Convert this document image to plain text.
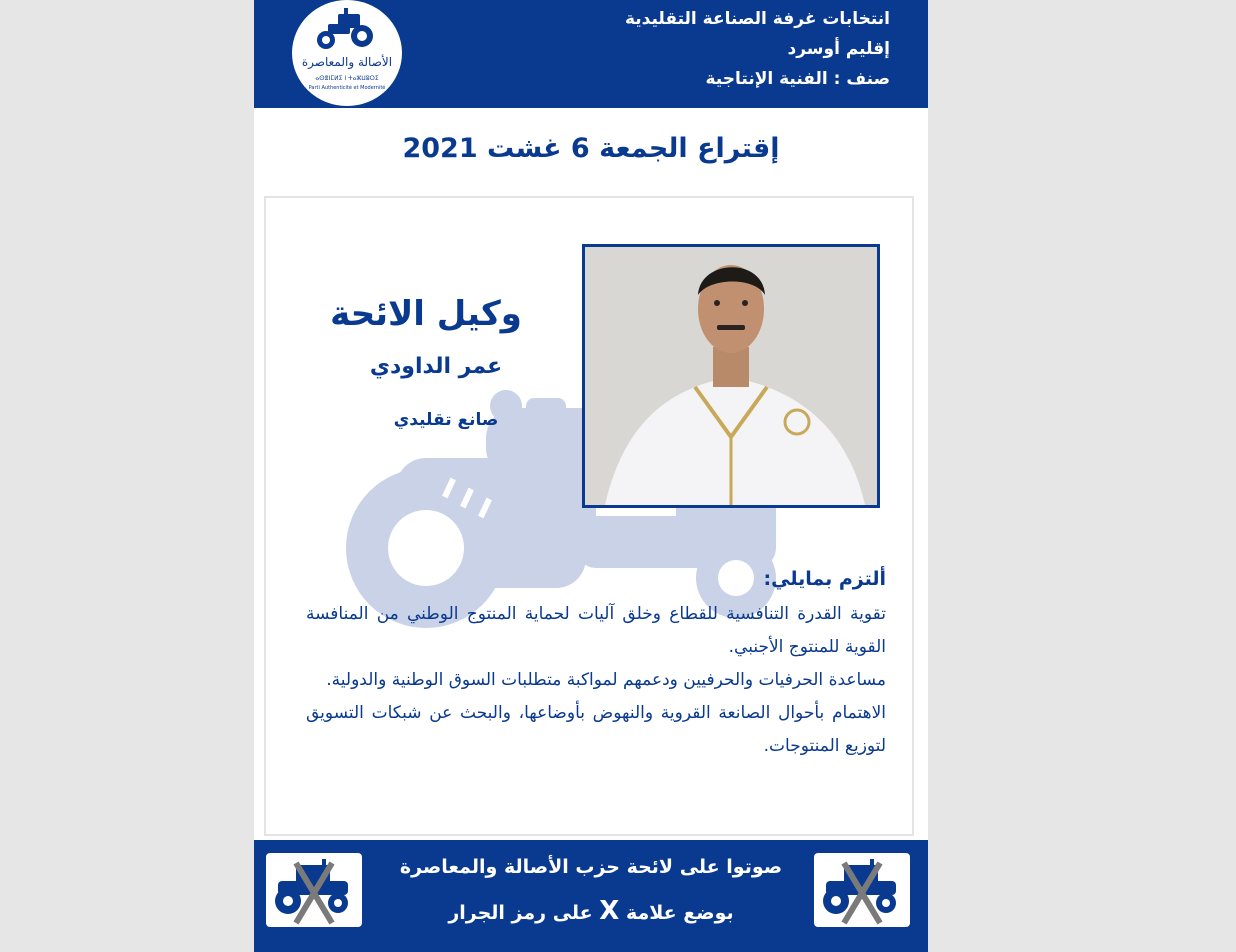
الأصالة والمعاصرة
ⴰⵙⴻⵏⵎⵍⵉ ⵏ ⵜⴰⵣⵡⵓⵔⵉ
Parti Authenticité et Modernité
انتخابات غرفة الصناعة التقليدية
إقليم أوسرد
صنف : الفنية الإنتاجية
إقتراع الجمعة 6 غشت 2021
وكيل الائحة
عمر الداودي
صانع تقليدي
ألتزم بمايلي:

تقوية القدرة التنافسية للقطاع وخلق آليات لحماية المنتوج الوطني من المنافسة القوية للمنتوج الأجنبي.

مساعدة الحرفيات والحرفيين ودعمهم لمواكبة متطلبات السوق الوطنية والدولية.

الاهتمام بأحوال الصانعة القروية والنهوض بأوضاعها، والبحث عن شبكات التسويق لتوزيع المنتوجات.

صوتوا على لائحة حزب الأصالة والمعاصرة
بوضع علامة X على رمز الجرار
